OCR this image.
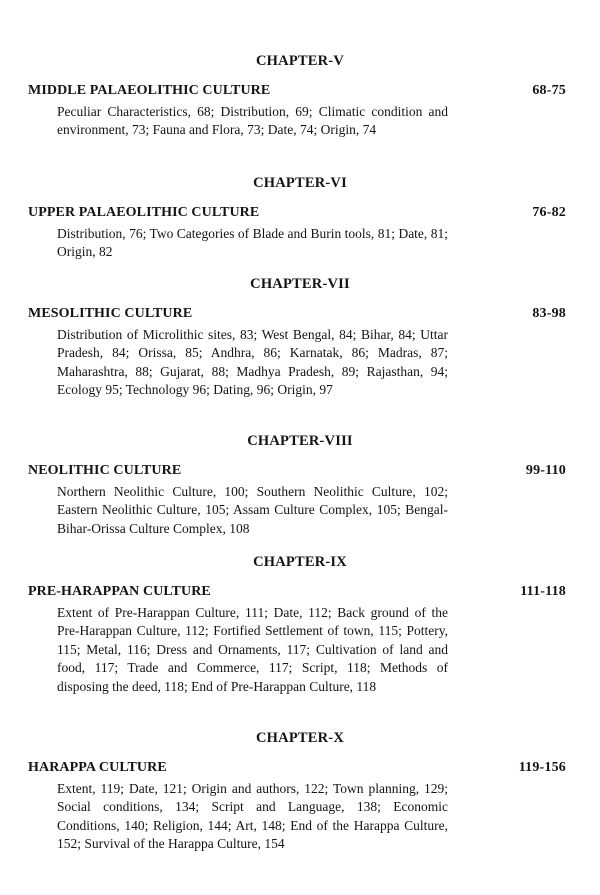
CHAPTER-V
MIDDLE PALAEOLITHIC CULTURE	68-75

Peculiar Characteristics, 68; Distribution, 69; Climatic condition and environment, 73; Fauna and Flora, 73; Date, 74; Origin, 74

CHAPTER-VI
UPPER PALAEOLITHIC CULTURE	76-82

Distribution, 76; Two Categories of Blade and Burin tools, 81; Date, 81; Origin, 82

CHAPTER-VII
MESOLITHIC CULTURE	83-98

Distribution of Microlithic sites, 83; West Bengal, 84; Bihar, 84; Uttar Pradesh, 84; Orissa, 85; Andhra, 86; Karnatak, 86; Madras, 87; Maharashtra, 88; Gujarat, 88; Madhya Pradesh, 89; Rajasthan, 94; Ecology 95; Technology 96; Dating, 96; Origin, 97

CHAPTER-VIII
NEOLITHIC CULTURE	99-110

Northern Neolithic Culture, 100; Southern Neolithic Culture, 102; Eastern Neolithic Culture, 105; Assam Culture Complex, 105; Bengal-Bihar-Orissa Culture Complex, 108

CHAPTER-IX
PRE-HARAPPAN CULTURE	111-118

Extent of Pre-Harappan Culture, 111; Date, 112; Back ground of the Pre-Harappan Culture, 112; Fortified Settlement of town, 115; Pottery, 115; Metal, 116; Dress and Ornaments, 117; Cultivation of land and food, 117; Trade and Commerce, 117; Script, 118; Methods of disposing the deed, 118; End of Pre-Harappan Culture, 118

CHAPTER-X
HARAPPA CULTURE	119-156

Extent, 119; Date, 121; Origin and authors, 122; Town planning, 129; Social conditions, 134; Script and Language, 138; Economic Conditions, 140; Religion, 144; Art, 148; End of the Harappa Culture, 152; Survival of the Harappa Culture, 154
